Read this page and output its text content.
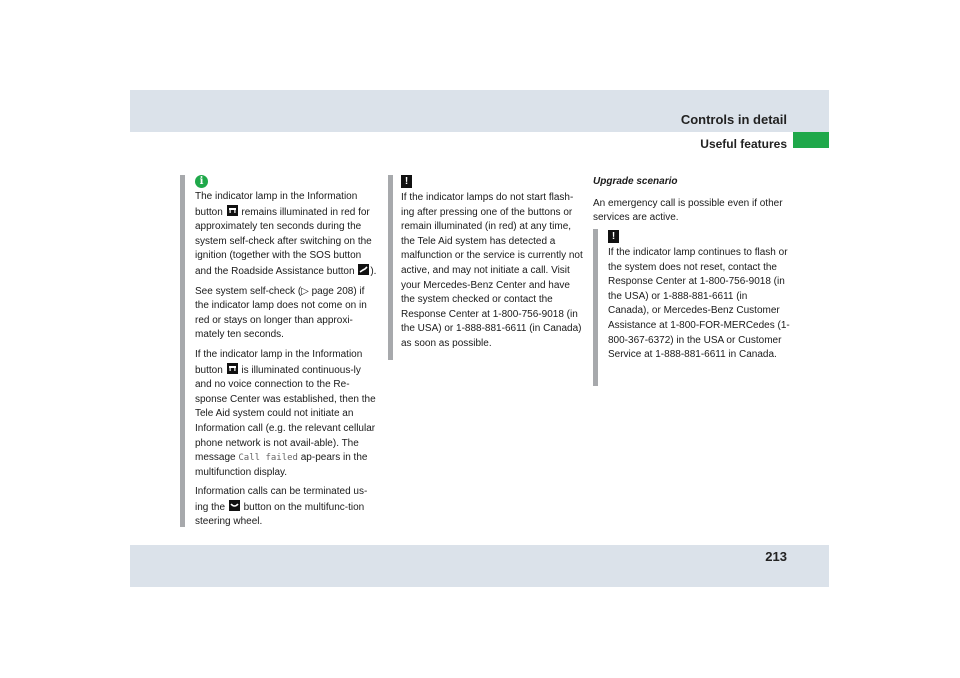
Controls in detail
Useful features
i

The indicator lamp in the Information button
remains illuminated in red for approximately ten seconds during the system self-check after switching on the ignition (together with the SOS button and the Roadside Assistance button
).

See system self-check (▷ page 208) if the indicator lamp does not come on in red or stays on longer than approxi-mately ten seconds.

If the indicator lamp in the Information button
is illuminated continuous-ly and no voice connection to the Re-sponse Center was established, then the Tele Aid system could not initiate an Information call (e.g. the relevant cellular phone network is not avail-able). The message Call failed ap-pears in the multifunction display.

Information calls can be terminated us-ing the
button on the multifunc-tion steering wheel.

!

If the indicator lamps do not start flash-ing after pressing one of the buttons or remain illuminated (in red) at any time, the Tele Aid system has detected a malfunction or the service is currently not active, and may not initiate a call. Visit your Mercedes-Benz Center and have the system checked or contact the Response Center at 1-800-756-9018 (in the USA) or 1-888-881-6611 (in Canada) as soon as possible.

Upgrade scenario

An emergency call is possible even if other services are active.

!

If the indicator lamp continues to flash or the system does not reset, contact the Response Center at 1-800-756-9018 (in the USA) or 1-888-881-6611 (in Canada), or Mercedes-Benz Customer Assistance at 1-800-FOR-MERCedes (1-800-367-6372) in the USA or Customer Service at 1-888-881-6611 in Canada.

213
